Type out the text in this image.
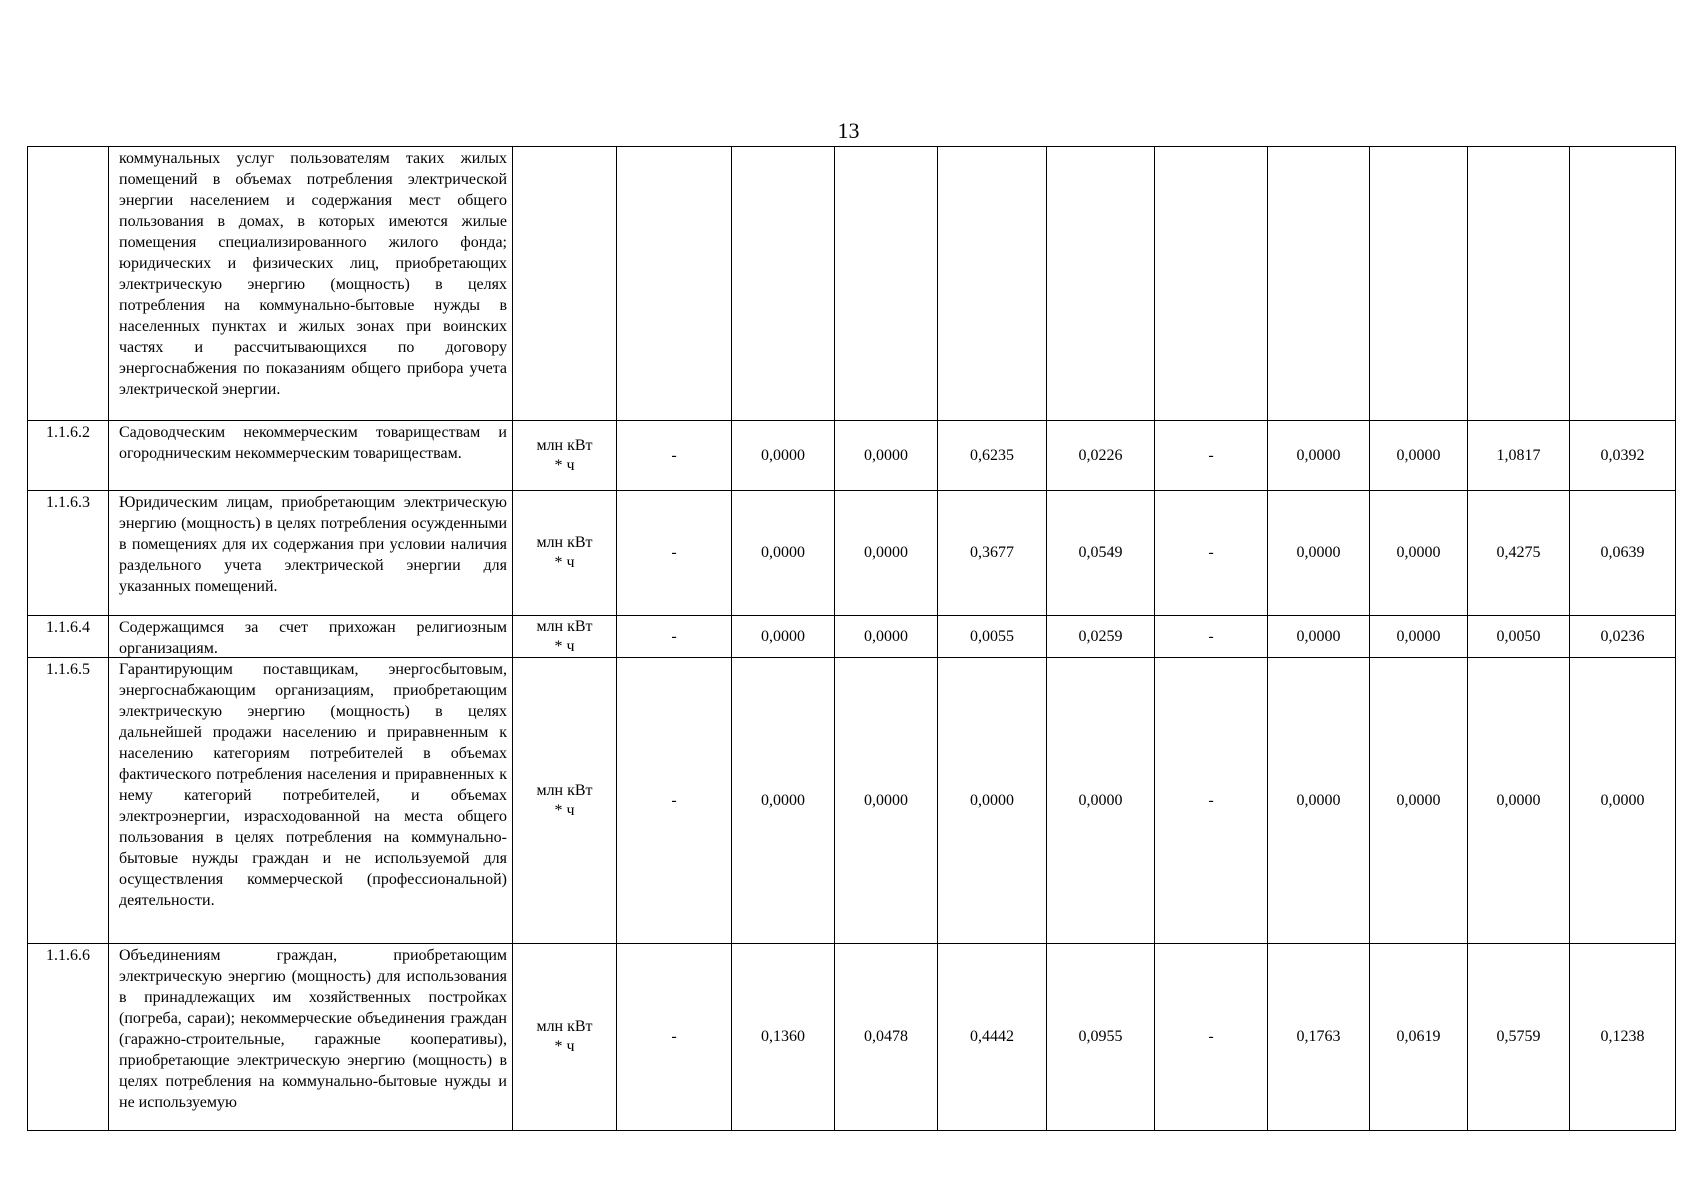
13

	коммунальных услуг пользователям таких жилых помещений в объемах потребления электрической энергии населением и содержания мест общего пользования в домах, в которых имеются жилые помещения специализированного жилого фонда; юридических и физических лиц, приобретающих электрическую энергию (мощность) в целях потребления на коммунально-бытовые нужды в населенных пунктах и жилых зонах при воинских частях и рассчитывающихся по договору энергоснабжения по показаниям общего прибора учета электрической энергии.											

1.1.6.2	Садоводческим некоммерческим товариществам и огородническим некоммерческим товариществам.	млн кВт * ч	-	0,0000	0,0000	0,6235	0,0226	-	0,0000	0,0000	1,0817	0,0392
1.1.6.3	Юридическим лицам, приобретающим электрическую энергию (мощность) в целях потребления осужденными в помещениях для их содержания при условии наличия раздельного учета электрической энергии для указанных помещений.	млн кВт * ч	-	0,0000	0,0000	0,3677	0,0549	-	0,0000	0,0000	0,4275	0,0639
1.1.6.4	Содержащимся за счет прихожан религиозным организациям.	млн кВт * ч	-	0,0000	0,0000	0,0055	0,0259	-	0,0000	0,0000	0,0050	0,0236
1.1.6.5	Гарантирующим поставщикам, энергосбытовым, энергоснабжающим организациям, приобретающим электрическую энергию (мощность) в целях дальнейшей продажи населению и приравненным к населению категориям потребителей в объемах фактического потребления населения и приравненных к нему категорий потребителей, и объемах электроэнергии, израсходованной на места общего пользования в целях потребления на коммунально-бытовые нужды граждан и не используемой для осуществления коммерческой (профессиональной) деятельности.	млн кВт * ч	-	0,0000	0,0000	0,0000	0,0000	-	0,0000	0,0000	0,0000	0,0000
1.1.6.6	Объединениям граждан, приобретающим электрическую энергию (мощность) для использования в принадлежащих им хозяйственных постройках (погреба, сараи); некоммерческие объединения граждан (гаражно-строительные, гаражные кооперативы), приобретающие электрическую энергию (мощность) в целях потребления на коммунально-бытовые нужды и не используемую	млн кВт * ч	-	0,1360	0,0478	0,4442	0,0955	-	0,1763	0,0619	0,5759	0,1238
